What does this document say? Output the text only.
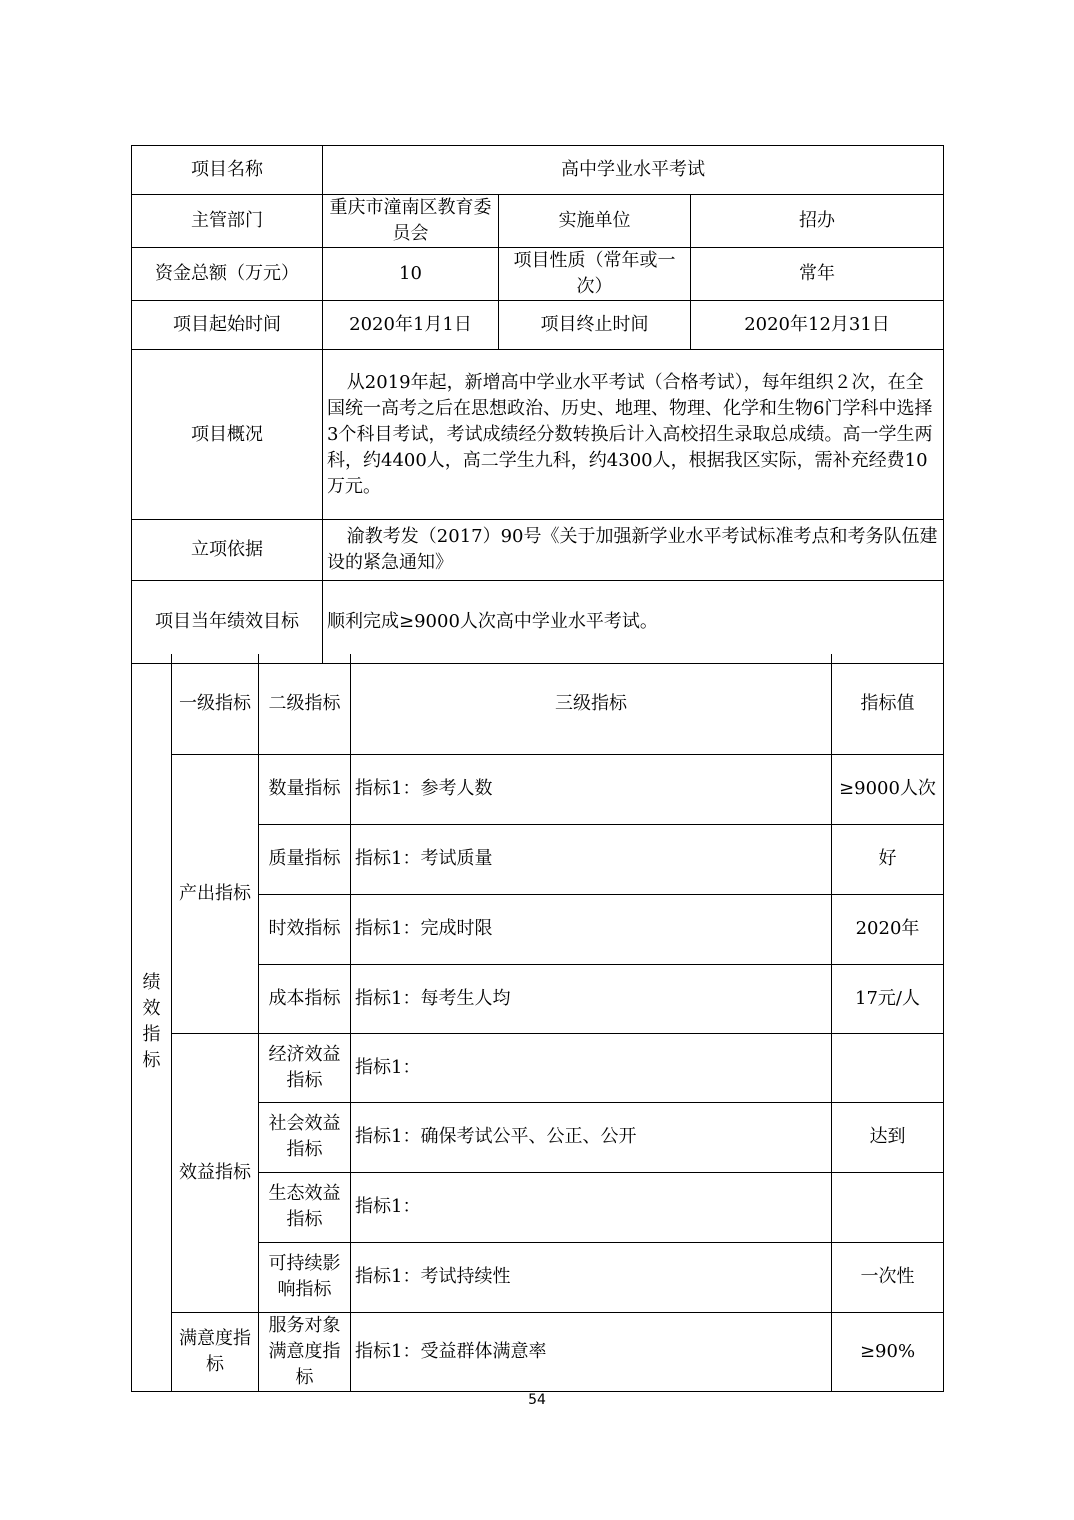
项目名称	高中学业水平考试		
主管部门	重庆市潼南区教育委员会	实施单位	招办
资金总额（万元）	10	项目性质（常年或一次）	常年
项目起始时间	2020年1月1日	项目终止时间	2020年12月31日
项目概况	从2019年起，新增高中学业水平考试（合格考试），每年组织２次，在全国统一高考之后在思想政治、历史、地理、物理、化学和生物6门学科中选择3个科目考试，考试成绩经分数转换后计入高校招生录取总成绩。高一学生两科，约4400人，高二学生九科，约4300人，根据我区实际，需补充经费10万元。		
立项依据	渝教考发（2017）90号《关于加强新学业水平考试标准考点和考务队伍建设的紧急通知》		
项目当年绩效目标	顺利完成≥9000人次高中学业水平考试。		
绩效指标	一级指标	二级指标	三级指标	指标值
	产出指标	数量指标	指标1：参考人数	≥9000人次
		质量指标	指标1：考试质量	好
		时效指标	指标1：完成时限	2020年
		成本指标	指标1：每考生人均	17元/人
	效益指标	经济效益指标	指标1：	
		社会效益指标	指标1：确保考试公平、公正、公开	达到
		生态效益指标	指标1：	
		可持续影响指标	指标1：考试持续性	一次性
	满意度指标	服务对象满意度指标	指标1：受益群体满意率	≥90%
54
